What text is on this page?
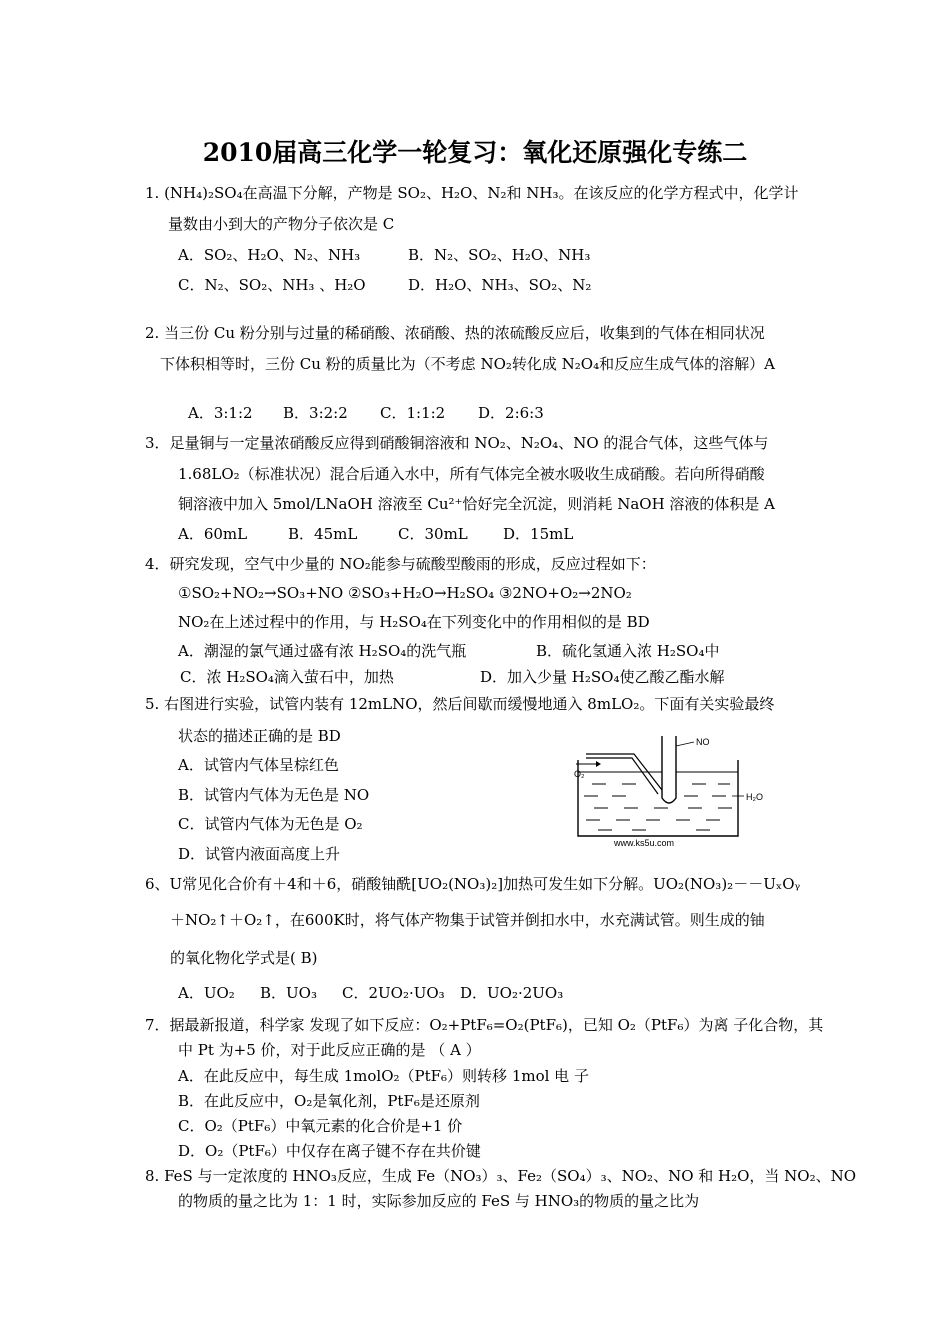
2010届高三化学一轮复习：氧化还原强化专练二
1. (NH₄)₂SO₄在高温下分解，产物是 SO₂、H₂O、N₂和 NH₃。在该反应的化学方程式中，化学计
量数由小到大的产物分子依次是 C
A．SO₂、H₂O、N₂、NH₃	B．N₂、SO₂、H₂O、NH₃
C．N₂、SO₂、NH₃ 、H₂O	D．H₂O、NH₃、SO₂、N₂
2. 当三份 Cu 粉分别与过量的稀硝酸、浓硝酸、热的浓硫酸反应后，收集到的气体在相同状况
下体积相等时，三份 Cu 粉的质量比为（不考虑 NO₂转化成 N₂O₄和反应生成气体的溶解）A
A．3:1:2 B．3:2:2 C．1:1:2 D．2:6:3
3．足量铜与一定量浓硝酸反应得到硝酸铜溶液和 NO₂、N₂O₄、NO 的混合气体，这些气体与
1.68LO₂（标准状况）混合后通入水中，所有气体完全被水吸收生成硝酸。若向所得硝酸
铜溶液中加入 5mol/LNaOH 溶液至 Cu²⁺恰好完全沉淀，则消耗 NaOH 溶液的体积是 A
A．60mL	B．45mL	C．30mL D．15mL
4．研究发现，空气中少量的 NO₂能参与硫酸型酸雨的形成，反应过程如下：
①SO₂+NO₂→SO₃+NO ②SO₃+H₂O→H₂SO₄ ③2NO+O₂→2NO₂
NO₂在上述过程中的作用，与 H₂SO₄在下列变化中的作用相似的是 BD
A．潮湿的氯气通过盛有浓 H₂SO₄的洗气瓶	B．硫化氢通入浓 H₂SO₄中
C．浓 H₂SO₄滴入萤石中，加热	D．加入少量 H₂SO₄使乙酸乙酯水解
5. 右图进行实验，试管内装有 12mLNO，然后间歇而缓慢地通入 8mLO₂。下面有关实验最终
状态的描述正确的是 BD
A．试管内气体呈棕红色
B．试管内气体为无色是 NO
C．试管内气体为无色是 O₂
D．试管内液面高度上升
NO
O₂
H₂O
www.ks5u.com
6、U常见化合价有＋4和＋6，硝酸铀酰[UO₂(NO₃)₂]加热可发生如下分解。UO₂(NO₃)₂－－UₓOᵧ
＋NO₂↑＋O₂↑，在600K时，将气体产物集于试管并倒扣水中，水充满试管。则生成的铀
的氧化物化学式是( B)
A．UO₂ B．UO₃ C．2UO₂·UO₃ D．UO₂·2UO₃
7．据最新报道，科学家 发现了如下反应：O₂+PtF₆=O₂(PtF₆)，已知 O₂（PtF₆）为离 子化合物，其
中 Pt 为+5 价，对于此反应正确的是 （ A ）
A．在此反应中，每生成 1molO₂（PtF₆）则转移 1mol 电 子
B．在此反应中，O₂是氧化剂，PtF₆是还原剂
C．O₂（PtF₆）中氧元素的化合价是+1 价
D．O₂（PtF₆）中仅存在离子键不存在共价键
8. FeS 与一定浓度的 HNO₃反应，生成 Fe（NO₃）₃、Fe₂（SO₄）₃、NO₂、NO 和 H₂O，当 NO₂、NO
的物质的量之比为 1：1 时，实际参加反应的 FeS 与 HNO₃的物质的量之比为
